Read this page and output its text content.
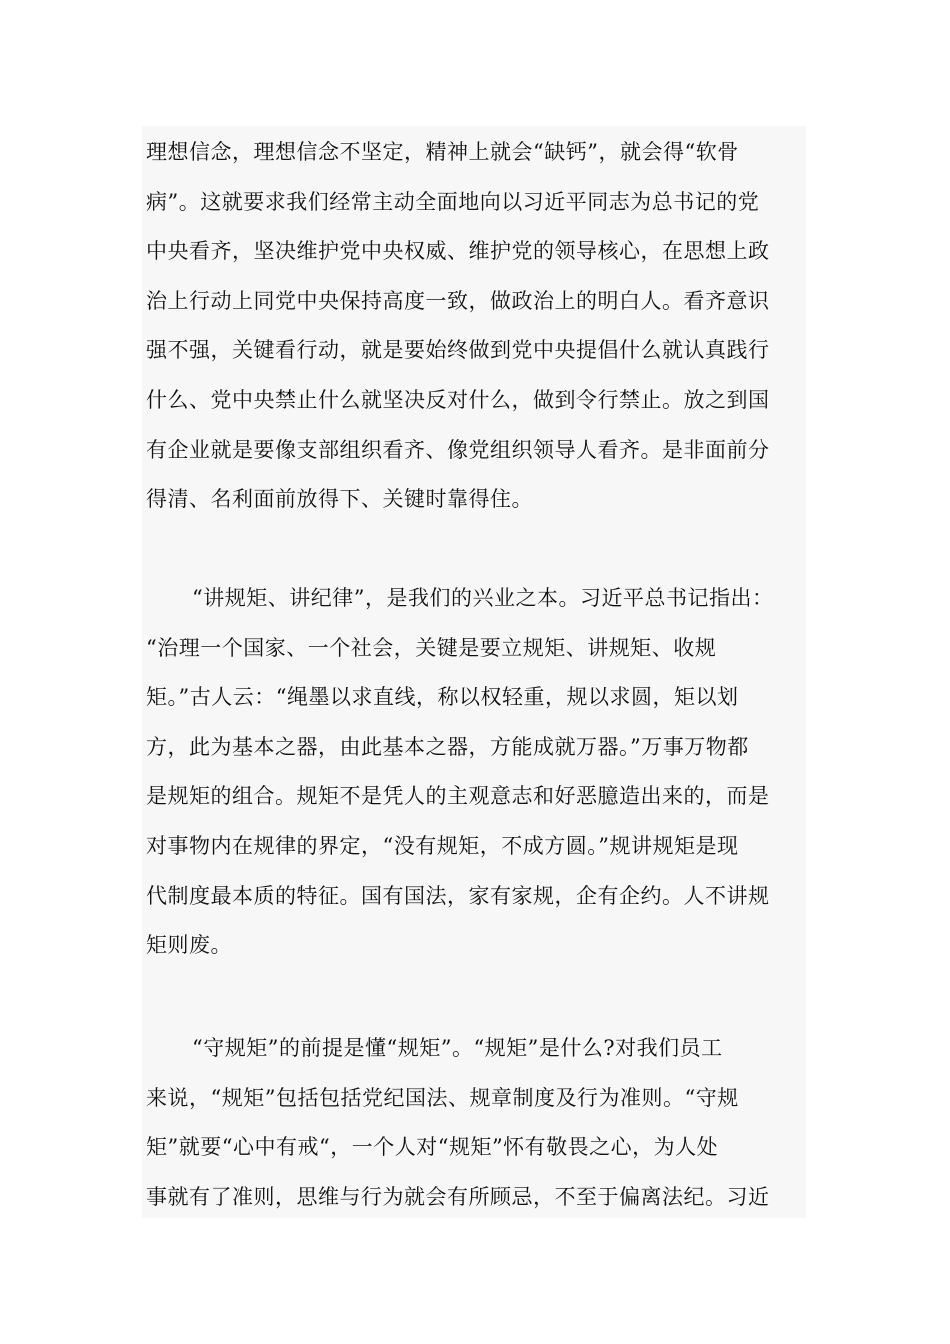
理想信念，理想信念不坚定，精神上就会“缺钙”，就会得“软骨
病”。这就要求我们经常主动全面地向以习近平同志为总书记的党
中央看齐，坚决维护党中央权威、维护党的领导核心，在思想上政
治上行动上同党中央保持高度一致，做政治上的明白人。看齐意识
强不强，关键看行动，就是要始终做到党中央提倡什么就认真践行
什么、党中央禁止什么就坚决反对什么，做到令行禁止。放之到国
有企业就是要像支部组织看齐、像党组织领导人看齐。是非面前分
得清、名利面前放得下、关键时靠得住。
“讲规矩、讲纪律”，是我们的兴业之本。习近平总书记指出：
“治理一个国家、一个社会，关键是要立规矩、讲规矩、收规
矩。”古人云：“绳墨以求直线，称以权轻重，规以求圆，矩以划
方，此为基本之器，由此基本之器，方能成就万器。”万事万物都
是规矩的组合。规矩不是凭人的主观意志和好恶臆造出来的，而是
对事物内在规律的界定，“没有规矩，不成方圆。”规讲规矩是现
代制度最本质的特征。国有国法，家有家规，企有企约。人不讲规
矩则废。
“守规矩”的前提是懂“规矩”。“规矩”是什么?对我们员工
来说，“规矩”包括包括党纪国法、规章制度及行为准则。“守规
矩”就要“心中有戒“，一个人对“规矩”怀有敬畏之心，为人处
事就有了准则，思维与行为就会有所顾忌，不至于偏离法纪。习近
